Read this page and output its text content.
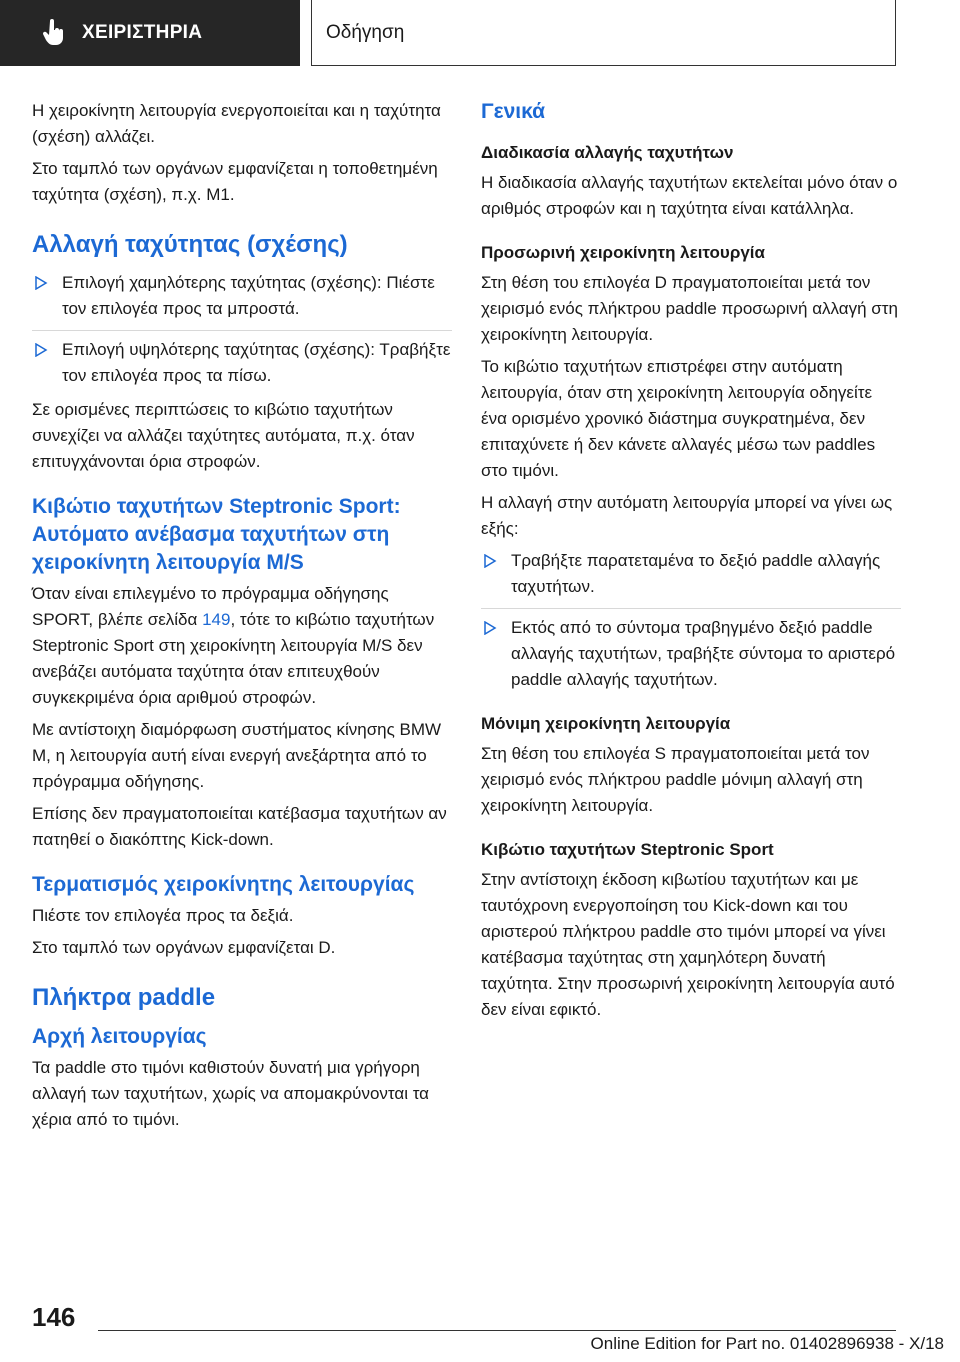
ΧΕΙΡΙΣΤΗΡΙΑ	Οδήγηση

Η χειροκίνητη λειτουργία ενεργοποιείται και η ταχύτητα (σχέση) αλλάζει.

Στο ταμπλό των οργάνων εμφανίζεται η τοποθετημένη ταχύτητα (σχέση), π.χ. M1.

Αλλαγή ταχύτητας (σχέσης)
Επιλογή χαμηλότερης ταχύτητας (σχέσης): Πιέστε τον επιλογέα προς τα μπροστά.
Επιλογή υψηλότερης ταχύτητας (σχέσης): Τραβήξτε τον επιλογέα προς τα πίσω.

Σε ορισμένες περιπτώσεις το κιβώτιο ταχυτήτων συνεχίζει να αλλάζει ταχύτητες αυτόματα, π.χ. όταν επιτυγχάνονται όρια στροφών.

Κιβώτιο ταχυτήτων Steptronic Sport: Αυτόματο ανέβασμα ταχυτήτων στη χειροκίνητη λειτουργία M/S

Όταν είναι επιλεγμένο το πρόγραμμα οδήγησης SPORT, βλέπε σελίδα 149, τότε το κιβώτιο ταχυτήτων Steptronic Sport στη χειροκίνητη λειτουργία M/S δεν ανεβάζει αυτόματα ταχύτητα όταν επιτευχθούν συγκεκριμένα όρια αριθμού στροφών.

Με αντίστοιχη διαμόρφωση συστήματος κίνησης BMW M, η λειτουργία αυτή είναι ενεργή ανεξάρτητα από το πρόγραμμα οδήγησης.

Επίσης δεν πραγματοποιείται κατέβασμα ταχυτήτων αν πατηθεί ο διακόπτης Kick-down.

Τερματισμός χειροκίνητης λειτουργίας

Πιέστε τον επιλογέα προς τα δεξιά.

Στο ταμπλό των οργάνων εμφανίζεται D.

Πλήκτρα paddle
Αρχή λειτουργίας

Τα paddle στο τιμόνι καθιστούν δυνατή μια γρήγορη αλλαγή των ταχυτήτων, χωρίς να απομακρύνονται τα χέρια από το τιμόνι.

Γενικά
Διαδικασία αλλαγής ταχυτήτων

Η διαδικασία αλλαγής ταχυτήτων εκτελείται μόνο όταν ο αριθμός στροφών και η ταχύτητα είναι κατάλληλα.

Προσωρινή χειροκίνητη λειτουργία

Στη θέση του επιλογέα D πραγματοποιείται μετά τον χειρισμό ενός πλήκτρου paddle προσωρινή αλλαγή στη χειροκίνητη λειτουργία.

Το κιβώτιο ταχυτήτων επιστρέφει στην αυτόματη λειτουργία, όταν στη χειροκίνητη λειτουργία οδηγείτε ένα ορισμένο χρονικό διάστημα συγκρατημένα, δεν επιταχύνετε ή δεν κάνετε αλλαγές μέσω των paddles στο τιμόνι.

Η αλλαγή στην αυτόματη λειτουργία μπορεί να γίνει ως εξής:

Τραβήξτε παρατεταμένα το δεξιό paddle αλλαγής ταχυτήτων.
Εκτός από το σύντομα τραβηγμένο δεξιό paddle αλλαγής ταχυτήτων, τραβήξτε σύντομα το αριστερό paddle αλλαγής ταχυτήτων.
Μόνιμη χειροκίνητη λειτουργία

Στη θέση του επιλογέα S πραγματοποιείται μετά τον χειρισμό ενός πλήκτρου paddle μόνιμη αλλαγή στη χειροκίνητη λειτουργία.

Κιβώτιο ταχυτήτων Steptronic Sport

Στην αντίστοιχη έκδοση κιβωτίου ταχυτήτων και με ταυτόχρονη ενεργοποίηση του Kick-down και του αριστερού πλήκτρου paddle στο τιμόνι μπορεί να γίνει κατέβασμα ταχύτητας στη χαμηλότερη δυνατή ταχύτητα. Στην προσωρινή χειροκίνητη λειτουργία αυτό δεν είναι εφικτό.

146
Online Edition for Part no. 01402896938 - X/18
